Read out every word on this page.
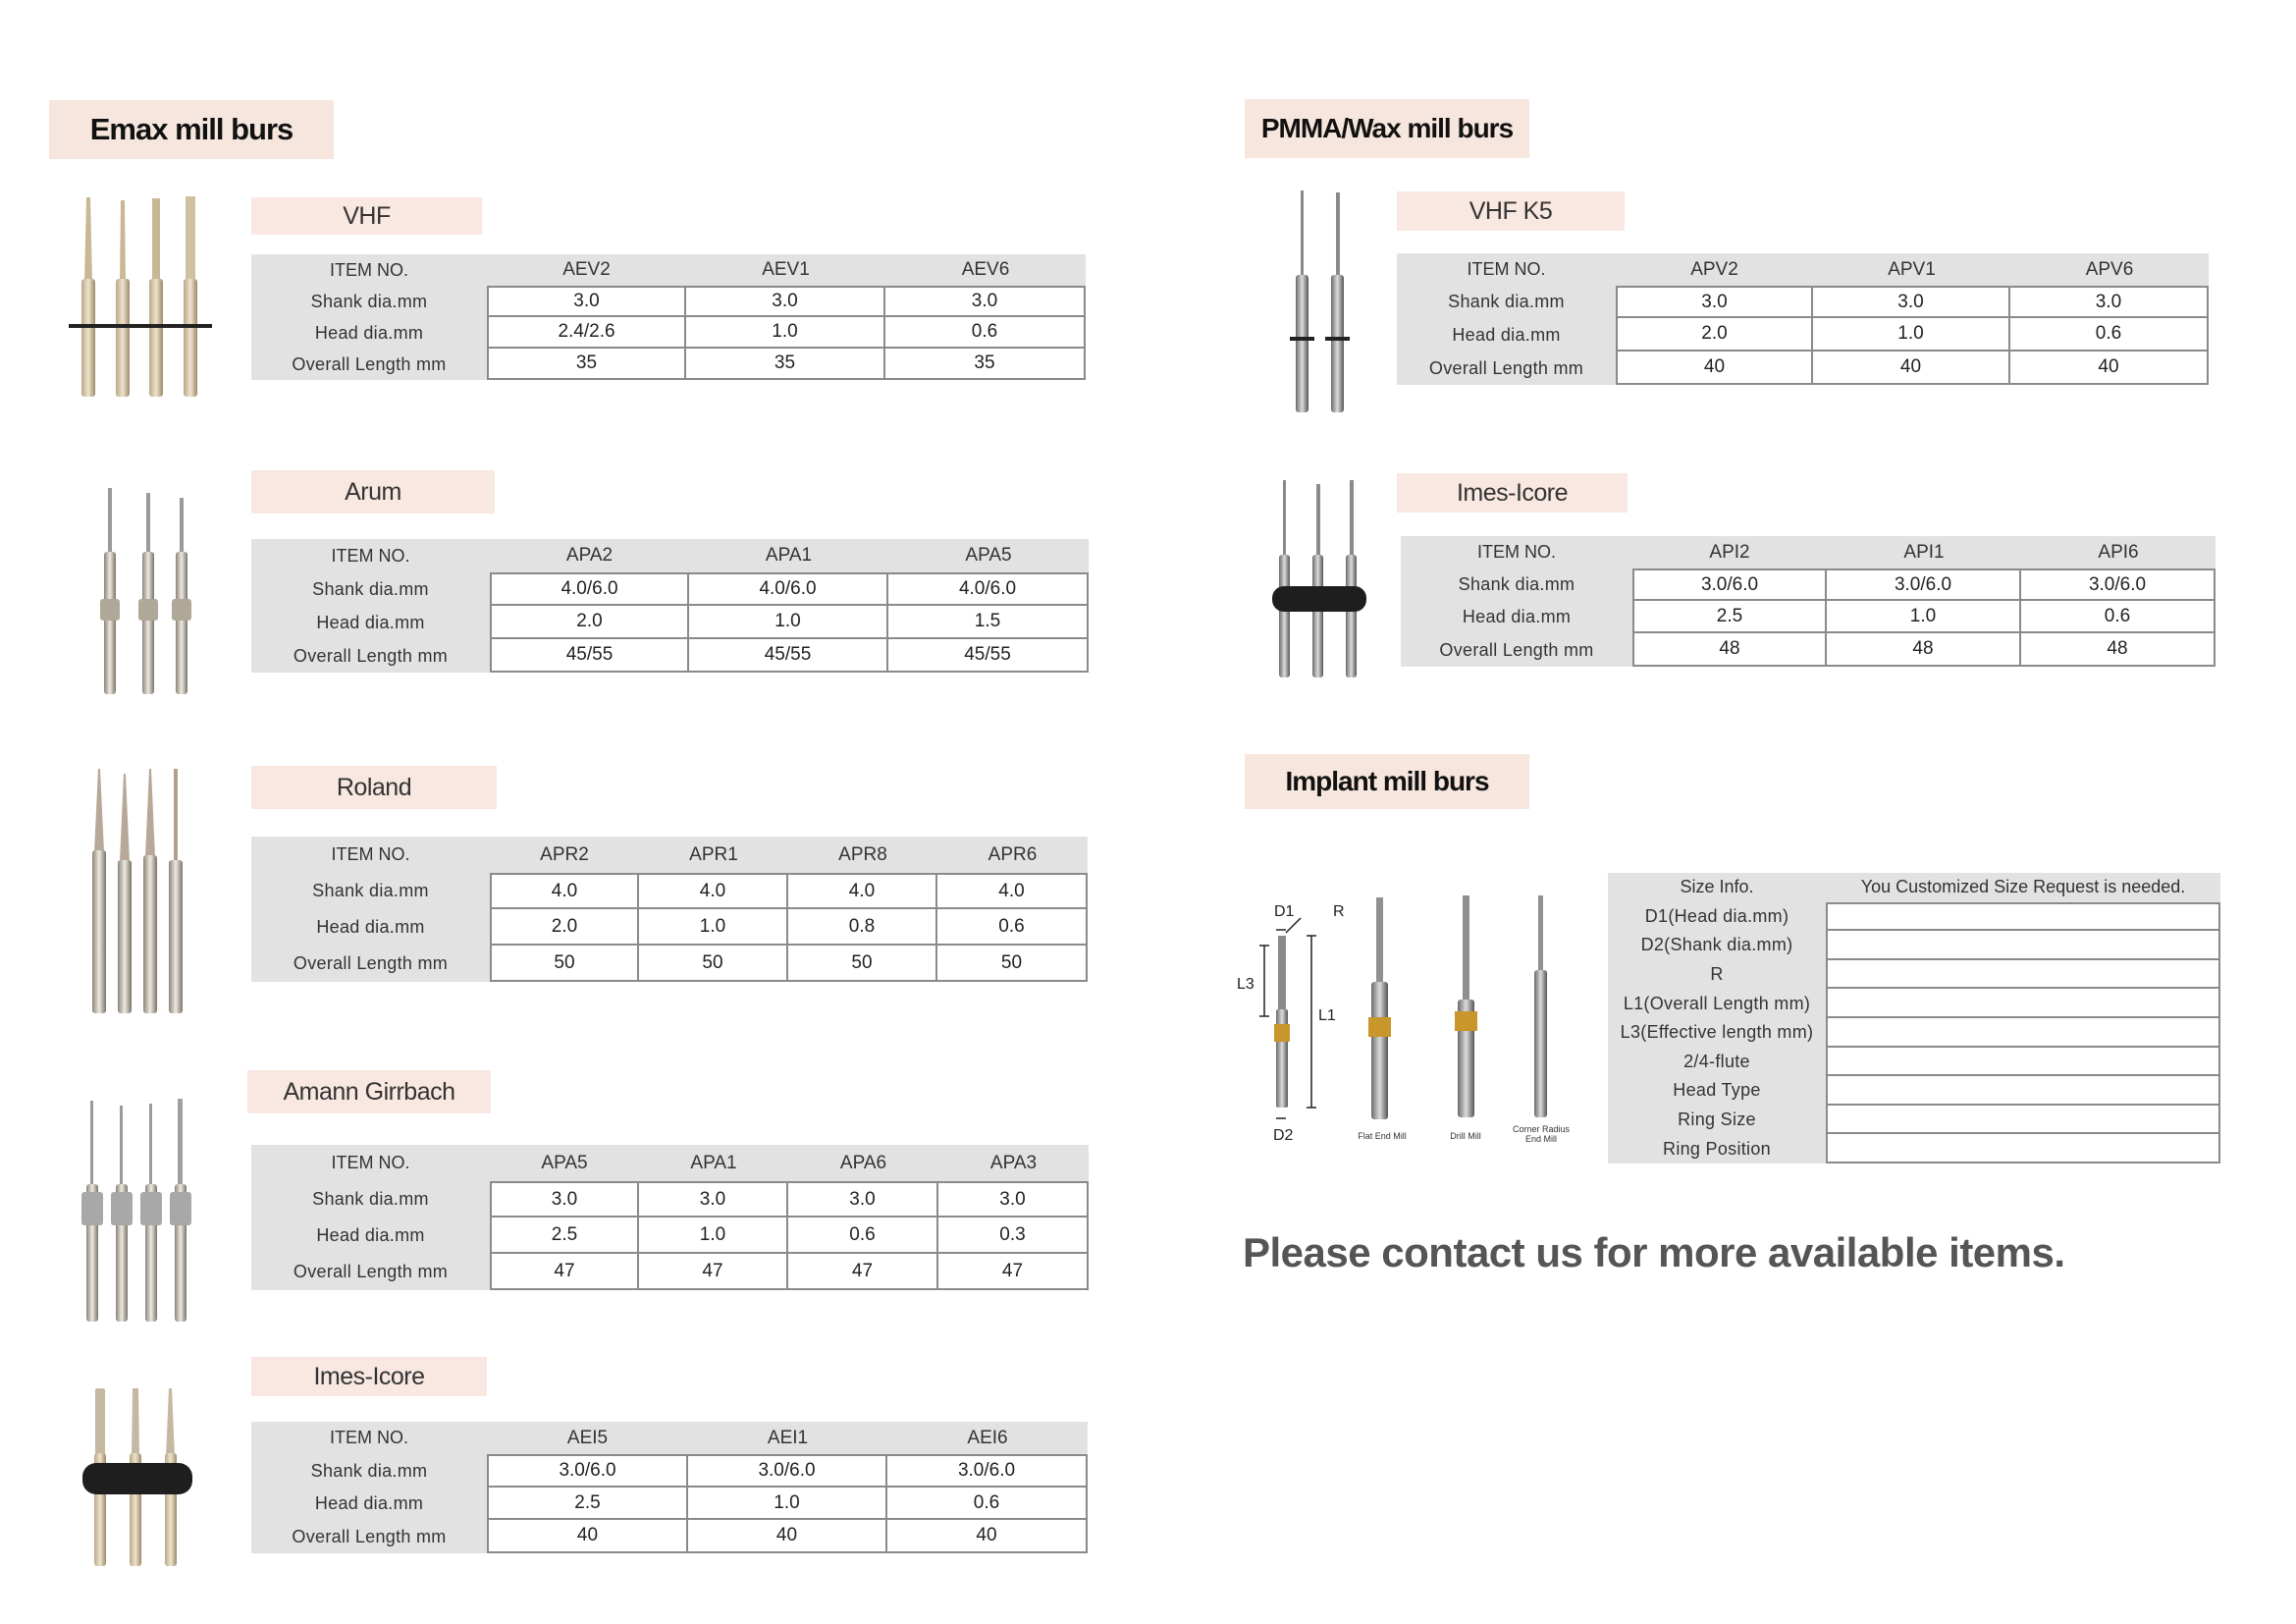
Emax mill burs	PMMA/Wax mill burs
Implant mill burs
VHF
ITEM NO.	AEV2	AEV1	AEV6
Shank dia.mm	3.0	3.0	3.0
Head dia.mm	2.4/2.6	1.0	0.6
Overall Length mm	35	35	35
Arum
ITEM NO.	APA2	APA1	APA5
Shank dia.mm	4.0/6.0	4.0/6.0	4.0/6.0
Head dia.mm	2.0	1.0	1.5
Overall Length mm	45/55	45/55	45/55
Roland
ITEM NO.	APR2	APR1	APR8	APR6
Shank dia.mm	4.0	4.0	4.0	4.0
Head dia.mm	2.0	1.0	0.8	0.6
Overall Length mm	50	50	50	50
Amann Girrbach
ITEM NO.	APA5	APA1	APA6	APA3
Shank dia.mm	3.0	3.0	3.0	3.0
Head dia.mm	2.5	1.0	0.6	0.3
Overall Length mm	47	47	47	47
Imes-Icore
ITEM NO.	AEI5	AEI1	AEI6
Shank dia.mm	3.0/6.0	3.0/6.0	3.0/6.0
Head dia.mm	2.5	1.0	0.6
Overall Length mm	40	40	40
VHF K5
ITEM NO.	APV2	APV1	APV6
Shank dia.mm	3.0	3.0	3.0
Head dia.mm	2.0	1.0	0.6
Overall Length mm	40	40	40
Imes-Icore
ITEM NO.	API2	API1	API6
Shank dia.mm	3.0/6.0	3.0/6.0	3.0/6.0
Head dia.mm	2.5	1.0	0.6
Overall Length mm	48	48	48
D1 R
L3
L1
D2	Flat End Mill	Drill Mill
Corner Radius End Mill
Size Info.	You Customized Size Request is needed.
D1(Head dia.mm)
D2(Shank dia.mm)
R
L1(Overall Length mm)
L3(Effective length mm)
2/4-flute
Head Type
Ring Size
Ring Position
Please contact us for more available items.
